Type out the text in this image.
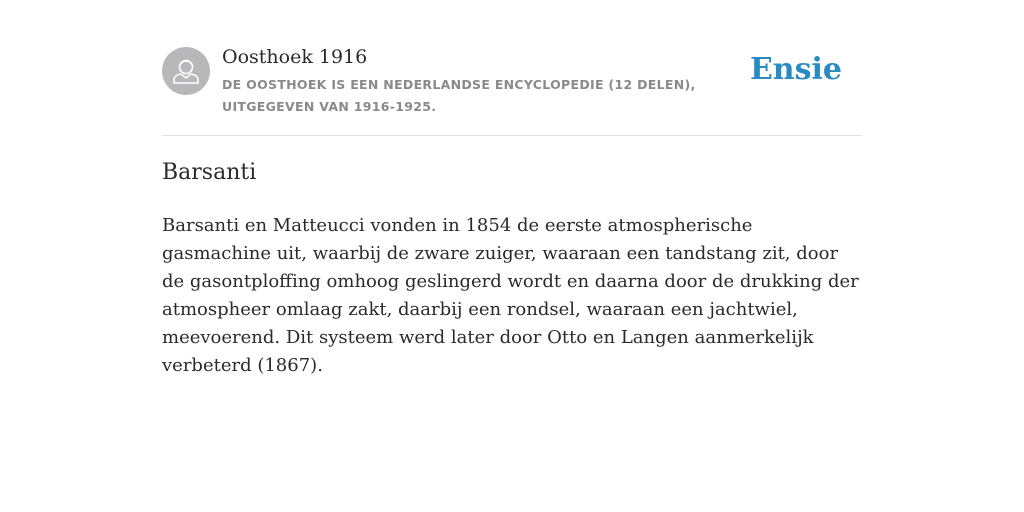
Oosthoek 1916
DE OOSTHOEK IS EEN NEDERLANDSE ENCYCLOPEDIE (12 DELEN), UITGEGEVEN VAN 1916-1925.
Ensie
Barsanti

Barsanti en Matteucci vonden in 1854 de eerste atmospherische gasmachine uit, waarbij de zware zuiger, waaraan een tandstang zit, door de gasontploffing omhoog geslingerd wordt en daarna door de drukking der atmospheer omlaag zakt, daarbij een rondsel, waaraan een jachtwiel, meevoerend. Dit systeem werd later door Otto en Langen aanmerkelijk verbeterd (1867).
